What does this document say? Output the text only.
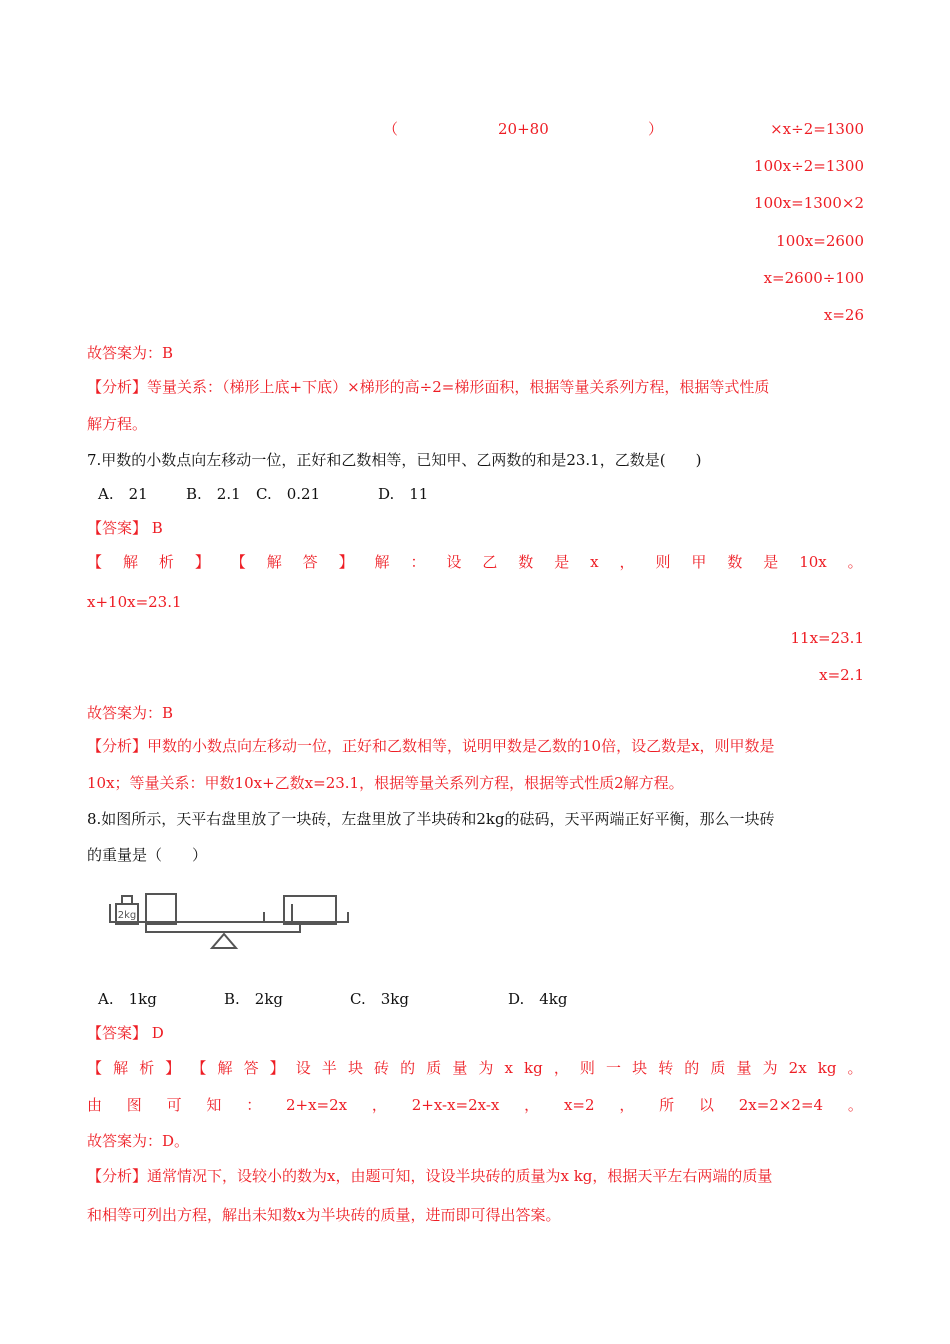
（	20+80	）	×x÷2=1300
100x÷2=1300
100x=1300×2
100x=2600
x=2600÷100
x=26
故答案为：B
【分析】等量关系：（梯形上底+下底）×梯形的高÷2=梯形面积，根据等量关系列方程，根据等式性质
解方程。
7.甲数的小数点向左移动一位，正好和乙数相等，已知甲、乙两数的和是23.1，乙数是(　　)
A.　21	B.　2.1 C.　0.21	D.　11
【答案】 B
【 解 析 】 【 解 答 】 解 ： 设 乙 数 是 x ， 则 甲 数 是 10x 。
x+10x=23.1
11x=23.1
x=2.1
故答案为：B
【分析】甲数的小数点向左移动一位，正好和乙数相等，说明甲数是乙数的10倍，设乙数是x，则甲数是
10x；等量关系：甲数10x+乙数x=23.1，根据等量关系列方程，根据等式性质2解方程。
8.如图所示，天平右盘里放了一块砖，左盘里放了半块砖和2kg的砝码，天平两端正好平衡，那么一块砖
的重量是（　　）
2kg
A.　1kg	B.　2kg	C.　3kg	D.　4kg
【答案】 D
【 解 析 】 【 解 答 】 设 半 块 砖 的 质 量 为 x kg ， 则 一 块 转 的 质 量 为 2x kg 。
由 图 可 知 ： 2+x=2x ， 2+x-x=2x-x ， x=2 ， 所 以 2x=2×2=4 。
故答案为：D。
【分析】通常情况下，设较小的数为x，由题可知，设设半块砖的质量为x kg，根据天平左右两端的质量
和相等可列出方程，解出未知数x为半块砖的质量，进而即可得出答案。
